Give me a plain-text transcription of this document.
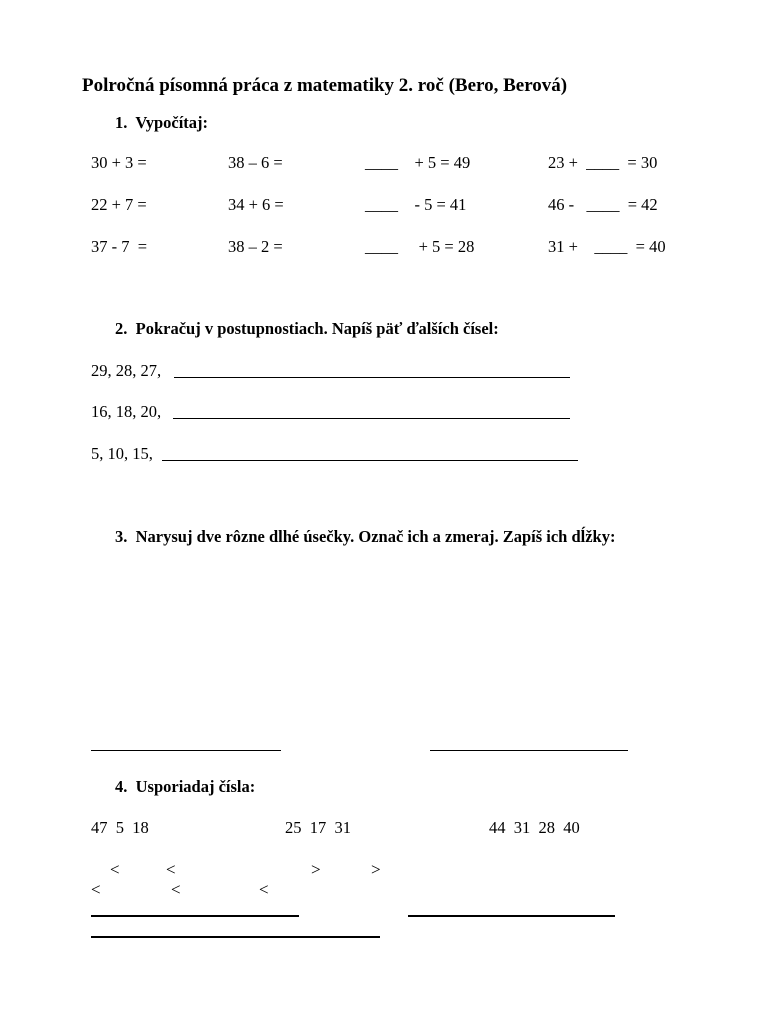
Polročná písomná práca z matematiky 2. roč (Bero, Berová)
1.  Vypočítaj:
30 + 3 =	38 – 6 =	____    + 5 = 49	23 +  ____  = 30
22 + 7 =	34 + 6 =	____    - 5 = 41	46 -   ____  = 42
37 - 7  =	38 – 2 =	____     + 5 = 28	31 +    ____  = 40
2.  Pokračuj v postupnostiach. Napíš päť ďalších čísel:
29, 28, 27,
16, 18, 20,
5, 10, 15,
3.  Narysuj dve rôzne dlhé úsečky. Označ ich a zmeraj. Zapíš ich dĺžky:
4.  Usporiadaj čísla:
47  5  18	25  17  31	44  31  28  40
<	<	>	>
<	<	<
